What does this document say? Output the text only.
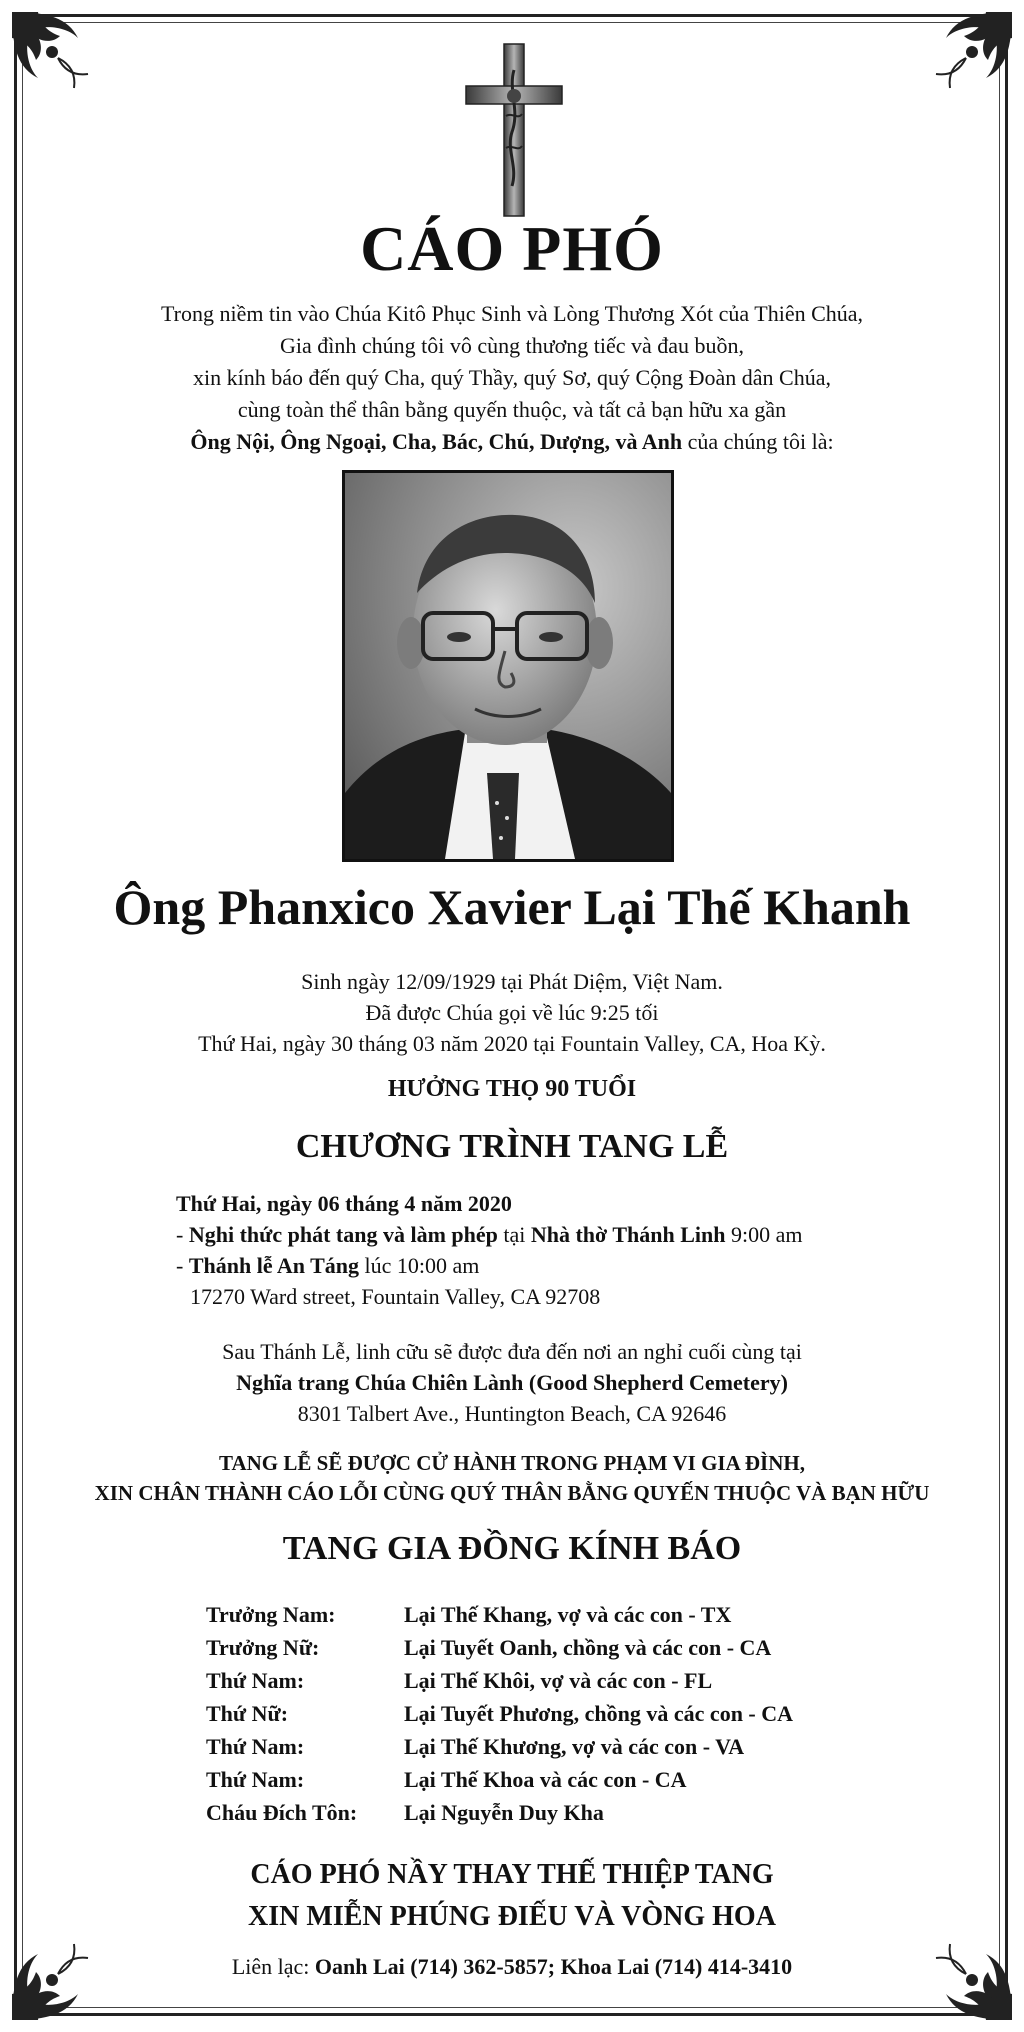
CÁO PHÓ
Trong niềm tin vào Chúa Kitô Phục Sinh và Lòng Thương Xót của Thiên Chúa,
Gia đình chúng tôi vô cùng thương tiếc và đau buồn,
xin kính báo đến quý Cha, quý Thầy, quý Sơ, quý Cộng Đoàn dân Chúa,
cùng toàn thể thân bằng quyến thuộc, và tất cả bạn hữu xa gần
Ông Nội, Ông Ngoại, Cha, Bác, Chú, Dượng, và Anh của chúng tôi là:
Ông Phanxico Xavier Lại Thế Khanh
Sinh ngày 12/09/1929 tại Phát Diệm, Việt Nam.
Đã được Chúa gọi về lúc 9:25 tối
Thứ Hai, ngày 30 tháng 03 năm 2020 tại Fountain Valley, CA, Hoa Kỳ.
HƯỞNG THỌ 90 TUỔI
CHƯƠNG TRÌNH TANG LỄ
Thứ Hai, ngày 06 tháng 4 năm 2020
- Nghi thức phát tang và làm phép tại Nhà thờ Thánh Linh 9:00 am
- Thánh lễ An Táng lúc 10:00 am
17270 Ward street, Fountain Valley, CA 92708
Sau Thánh Lễ, linh cữu sẽ được đưa đến nơi an nghỉ cuối cùng tại
Nghĩa trang Chúa Chiên Lành (Good Shepherd Cemetery)
8301 Talbert Ave., Huntington Beach, CA 92646
TANG LỄ SẼ ĐƯỢC CỬ HÀNH TRONG PHẠM VI GIA ĐÌNH,
XIN CHÂN THÀNH CÁO LỖI CÙNG QUÝ THÂN BẰNG QUYẾN THUỘC VÀ BẠN HỮU
TANG GIA ĐỒNG KÍNH BÁO
Trưởng Nam:	Lại Thế Khang, vợ và các con - TX
Trưởng Nữ:	Lại Tuyết Oanh, chồng và các con - CA
Thứ Nam:	Lại Thế Khôi, vợ và các con - FL
Thứ Nữ:	Lại Tuyết Phương, chồng và các con - CA
Thứ Nam:	Lại Thế Khương, vợ và các con - VA
Thứ Nam:	Lại Thế Khoa và các con - CA
Cháu Đích Tôn:	Lại Nguyễn Duy Kha
CÁO PHÓ NẦY THAY THẾ THIỆP TANG
XIN MIỄN PHÚNG ĐIẾU VÀ VÒNG HOA
Liên lạc: Oanh Lai (714) 362-5857; Khoa Lai (714) 414-3410
